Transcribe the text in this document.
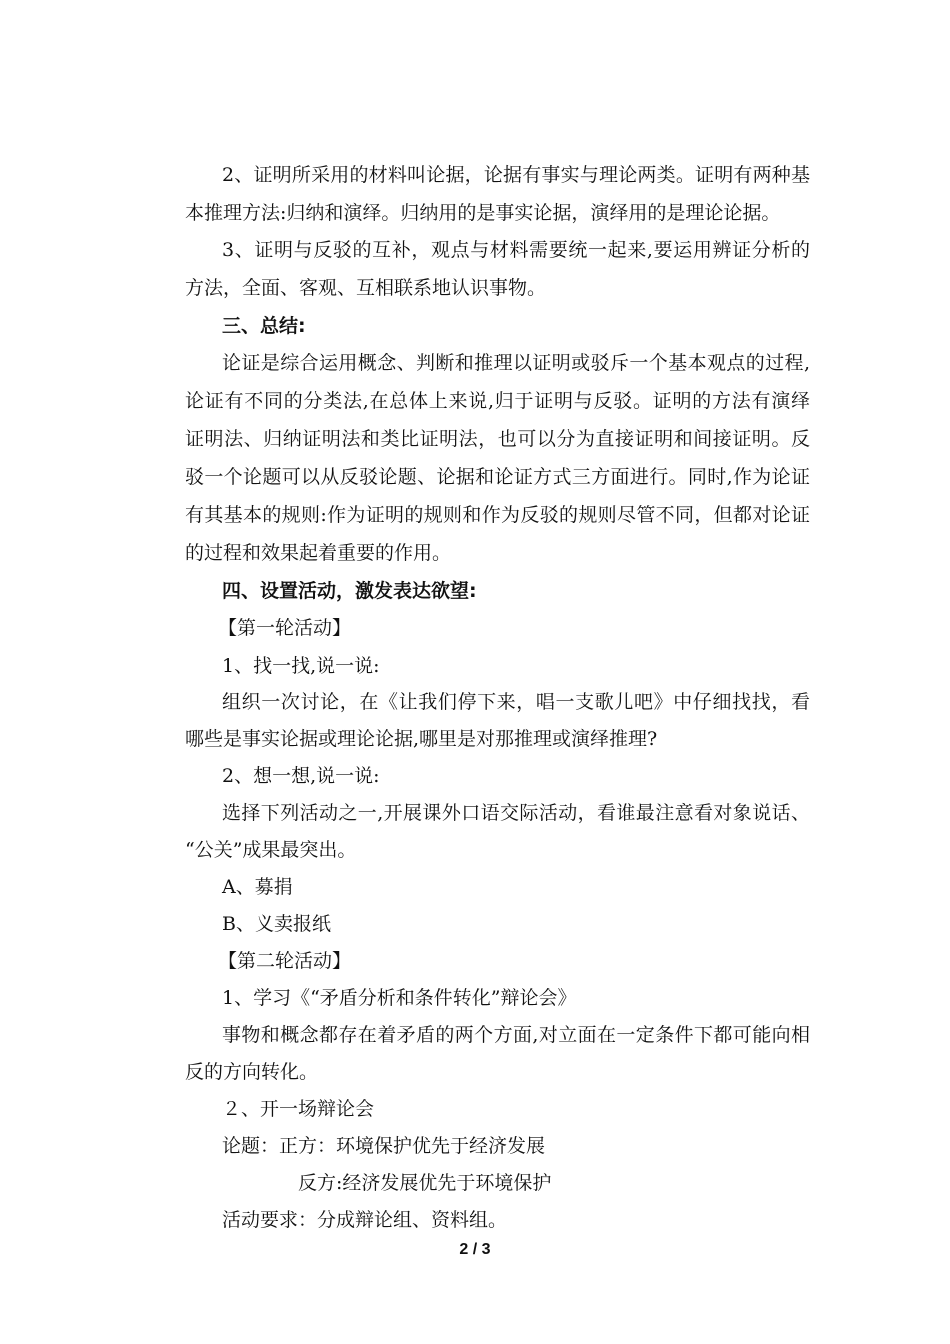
2、证明所采用的材料叫论据，论据有事实与理论两类。证明有两种基
本推理方法:归纳和演绎。归纳用的是事实论据，演绎用的是理论论据。
3、证明与反驳的互补，观点与材料需要统一起来,要运用辨证分析的
方法，全面、客观、互相联系地认识事物。
三、总结:
论证是综合运用概念、判断和推理以证明或驳斥一个基本观点的过程,
论证有不同的分类法,在总体上来说,归于证明与反驳。证明的方法有演绎
证明法、归纳证明法和类比证明法，也可以分为直接证明和间接证明。反
驳一个论题可以从反驳论题、论据和论证方式三方面进行。同时,作为论证
有其基本的规则:作为证明的规则和作为反驳的规则尽管不同，但都对论证
的过程和效果起着重要的作用。
四、设置活动，激发表达欲望:
【第一轮活动】
1、找一找,说一说:
组织一次讨论，在《让我们停下来，唱一支歌儿吧》中仔细找找，看
哪些是事实论据或理论论据,哪里是对那推理或演绎推理?
2、想一想,说一说:
选择下列活动之一,开展课外口语交际活动，看谁最注意看对象说话、
“公关”成果最突出。
A、募捐
B、义卖报纸
【第二轮活动】
1、学习《“矛盾分析和条件转化”辩论会》
事物和概念都存在着矛盾的两个方面,对立面在一定条件下都可能向相
反的方向转化。
２、开一场辩论会
论题：正方：环境保护优先于经济发展
反方:经济发展优先于环境保护
活动要求：分成辩论组、资料组。
2 / 3
